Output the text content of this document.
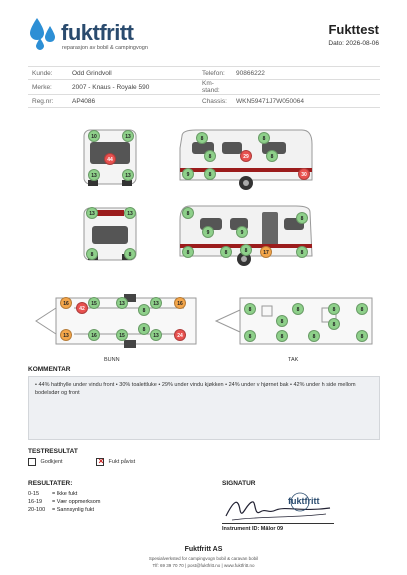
fuktfritt
reparasjon av bobil & campingvogn
Fukttest
Dato: 2026-08-06
Kunde:	Odd Grindvoll	Telefon:	90866222
Merke:	2007 - Knaus - Royale 590	Km-stand:	
Reg.nr:	AP4086	Chassis:	WKN59471J7W050064
10	13
44
13	13
8	8
8	29	8
9	30
8
13	13
8	8
8
8
9	9
8	8	8
17
8
16	15	13	13	16
42	8
13	16	15	13	24
8
BUNN
8	8	8	8
8	8
8	8	8	8
TAK
KOMMENTAR
• 44% hatthylle under vindu front • 30% toalettluke • 29% under vindu kjøkken • 24% under v hjørnet bak • 42% under h side mellom bodelsdør og front
TESTRESULTAT
Godkjent ×	Fukt påvist
RESULTATER:
0-15	= Ikke fukt
16-19	= Vær oppmerksom
20-100	= Sannsynlig fukt
SIGNATUR
fuktfritt
Instrument ID: Mâlor 09
Fuktfritt AS
Spesialverksted for campingvogn bobil & caravan bobil
Tlf: 69 39 70 70 | post@fuktfritt.no | www.fuktfritt.no
